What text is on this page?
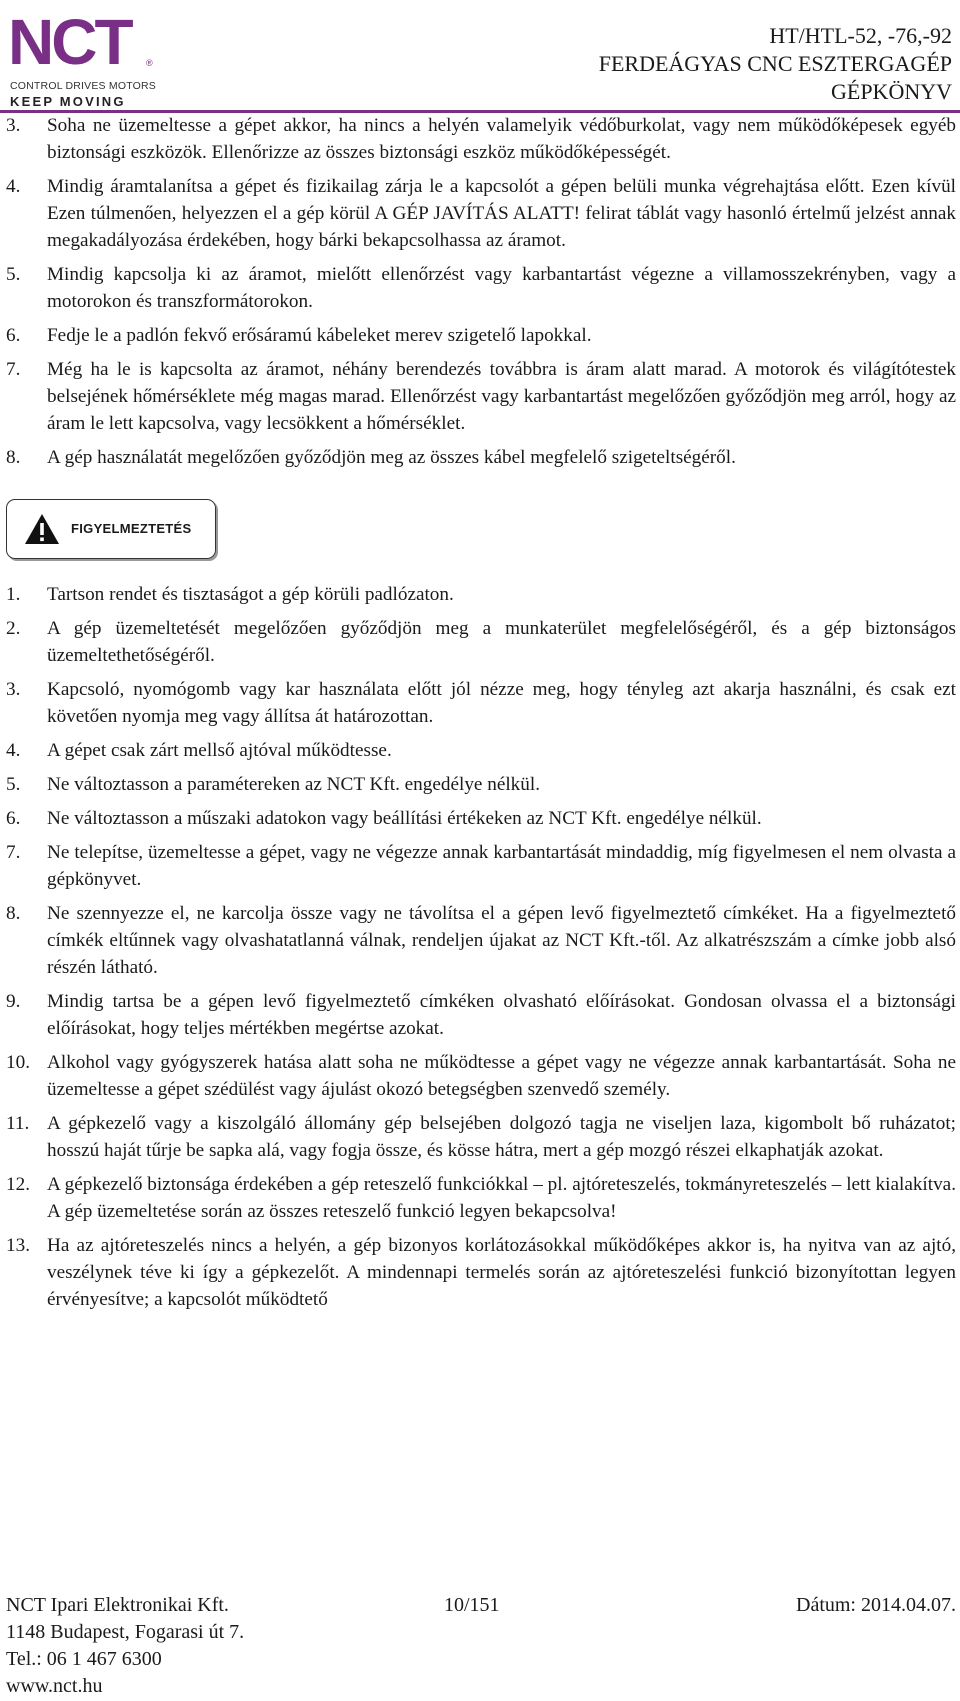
NCT ®
CONTROL DRIVES MOTORS
KEEP MOVING
HT/HTL-52, -76,-92
FERDEÁGYAS CNC ESZTERGAGÉP
GÉPKÖNYV
3. Soha ne üzemeltesse a gépet akkor, ha nincs a helyén valamelyik védőburkolat, vagy nem működőképesek egyéb biztonsági eszközök. Ellenőrizze az összes biztonsági eszköz működőképességét.
4. Mindig áramtalanítsa a gépet és fizikailag zárja le a kapcsolót a gépen belüli munka végrehajtása előtt. Ezen kívül Ezen túlmenően, helyezzen el a gép körül A GÉP JAVÍTÁS ALATT! felirat táblát vagy hasonló értelmű jelzést annak megakadályozása érdekében, hogy bárki bekapcsolhassa az áramot.
5. Mindig kapcsolja ki az áramot, mielőtt ellenőrzést vagy karbantartást végezne a villamosszekrényben, vagy a motorokon és transzformátorokon.
6. Fedje le a padlón fekvő erősáramú kábeleket merev szigetelő lapokkal.
7. Még ha le is kapcsolta az áramot, néhány berendezés továbbra is áram alatt marad. A motorok és világítótestek belsejének hőmérséklete még magas marad. Ellenőrzést vagy karbantartást megelőzően győződjön meg arról, hogy az áram le lett kapcsolva, vagy lecsökkent a hőmérséklet.
8. A gép használatát megelőzően győződjön meg az összes kábel megfelelő szigeteltségéről.
FIGYELMEZTETÉS
1. Tartson rendet és tisztaságot a gép körüli padlózaton.
2. A gép üzemeltetését megelőzően győződjön meg a munkaterület megfelelőségéről, és a gép biztonságos üzemeltethetőségéről.
3. Kapcsoló, nyomógomb vagy kar használata előtt jól nézze meg, hogy tényleg azt akarja használni, és csak ezt követően nyomja meg vagy állítsa át határozottan.
4. A gépet csak zárt mellső ajtóval működtesse.
5. Ne változtasson a paramétereken az NCT Kft. engedélye nélkül.
6. Ne változtasson a műszaki adatokon vagy beállítási értékeken az NCT Kft. engedélye nélkül.
7. Ne telepítse, üzemeltesse a gépet, vagy ne végezze annak karbantartását mindaddig, míg figyelmesen el nem olvasta a gépkönyvet.
8. Ne szennyezze el, ne karcolja össze vagy ne távolítsa el a gépen levő figyelmeztető címkéket. Ha a figyelmeztető címkék eltűnnek vagy olvashatatlanná válnak, rendeljen újakat az NCT Kft.-től. Az alkatrészszám a címke jobb alsó részén látható.
9. Mindig tartsa be a gépen levő figyelmeztető címkéken olvasható előírásokat. Gondosan olvassa el a biztonsági előírásokat, hogy teljes mértékben megértse azokat.
10. Alkohol vagy gyógyszerek hatása alatt soha ne működtesse a gépet vagy ne végezze annak karbantartását. Soha ne üzemeltesse a gépet szédülést vagy ájulást okozó betegségben szenvedő személy.
11. A gépkezelő vagy a kiszolgáló állomány gép belsejében dolgozó tagja ne viseljen laza, kigombolt bő ruházatot; hosszú haját tűrje be sapka alá, vagy fogja össze, és kösse hátra, mert a gép mozgó részei elkaphatják azokat.
12. A gépkezelő biztonsága érdekében a gép reteszelő funkciókkal – pl. ajtóreteszelés, tokmányreteszelés – lett kialakítva. A gép üzemeltetése során az összes reteszelő funkció legyen bekapcsolva!
13. Ha az ajtóreteszelés nincs a helyén, a gép bizonyos korlátozásokkal működőképes akkor is, ha nyitva van az ajtó, veszélynek téve ki így a gépkezelőt. A mindennapi termelés során az ajtóreteszelési funkció bizonyítottan legyen érvényesítve; a kapcsolót működtető
NCT Ipari Elektronikai Kft.	10/151	Dátum: 2014.04.07.
1148 Budapest, Fogarasi út 7.
Tel.: 06 1 467 6300
www.nct.hu
